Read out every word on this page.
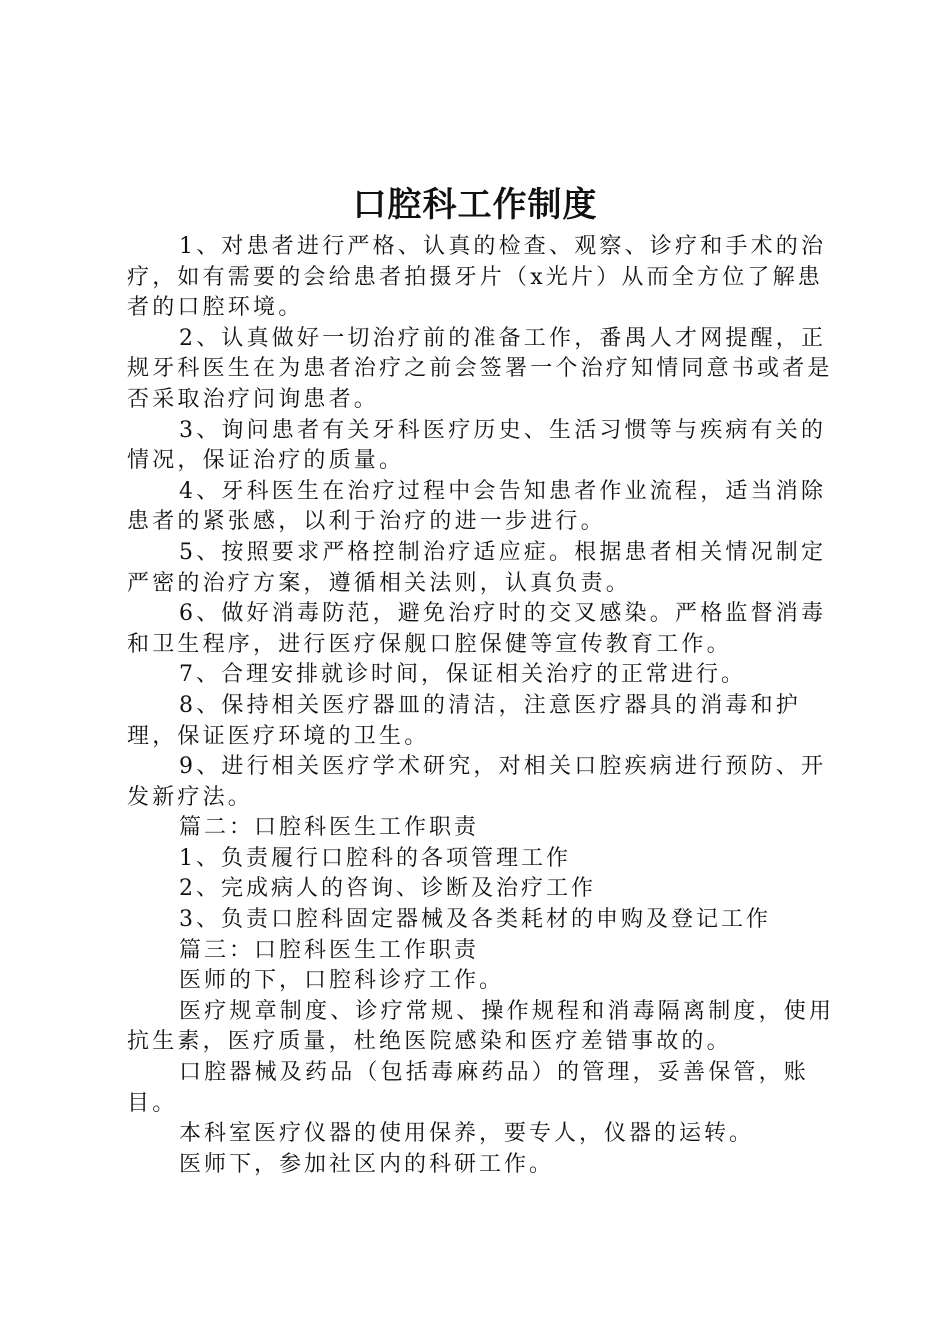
口腔科工作制度

1、对患者进行严格、认真的检查、观察、诊疗和手术的治疗，如有需要的会给患者拍摄牙片（x光片）从而全方位了解患者的口腔环境。

2、认真做好一切治疗前的准备工作，番禺人才网提醒，正规牙科医生在为患者治疗之前会签署一个治疗知情同意书或者是否采取治疗问询患者。

3、询问患者有关牙科医疗历史、生活习惯等与疾病有关的情况，保证治疗的质量。

4、牙科医生在治疗过程中会告知患者作业流程，适当消除患者的紧张感，以利于治疗的进一步进行。

5、按照要求严格控制治疗适应症。根据患者相关情况制定严密的治疗方案，遵循相关法则，认真负责。

6、做好消毒防范，避免治疗时的交叉感染。严格监督消毒和卫生程序，进行医疗保舰口腔保健等宣传教育工作。

7、合理安排就诊时间，保证相关治疗的正常进行。

8、保持相关医疗器皿的清洁，注意医疗器具的消毒和护理，保证医疗环境的卫生。

9、进行相关医疗学术研究，对相关口腔疾病进行预防、开发新疗法。

篇二：口腔科医生工作职责

1、负责履行口腔科的各项管理工作

2、完成病人的咨询、诊断及治疗工作

3、负责口腔科固定器械及各类耗材的申购及登记工作

篇三：口腔科医生工作职责

医师的下，口腔科诊疗工作。

医疗规章制度、诊疗常规、操作规程和消毒隔离制度，使用抗生素，医疗质量，杜绝医院感染和医疗差错事故的。

口腔器械及药品（包括毒麻药品）的管理，妥善保管，账目。

本科室医疗仪器的使用保养，要专人，仪器的运转。

医师下，参加社区内的科研工作。
